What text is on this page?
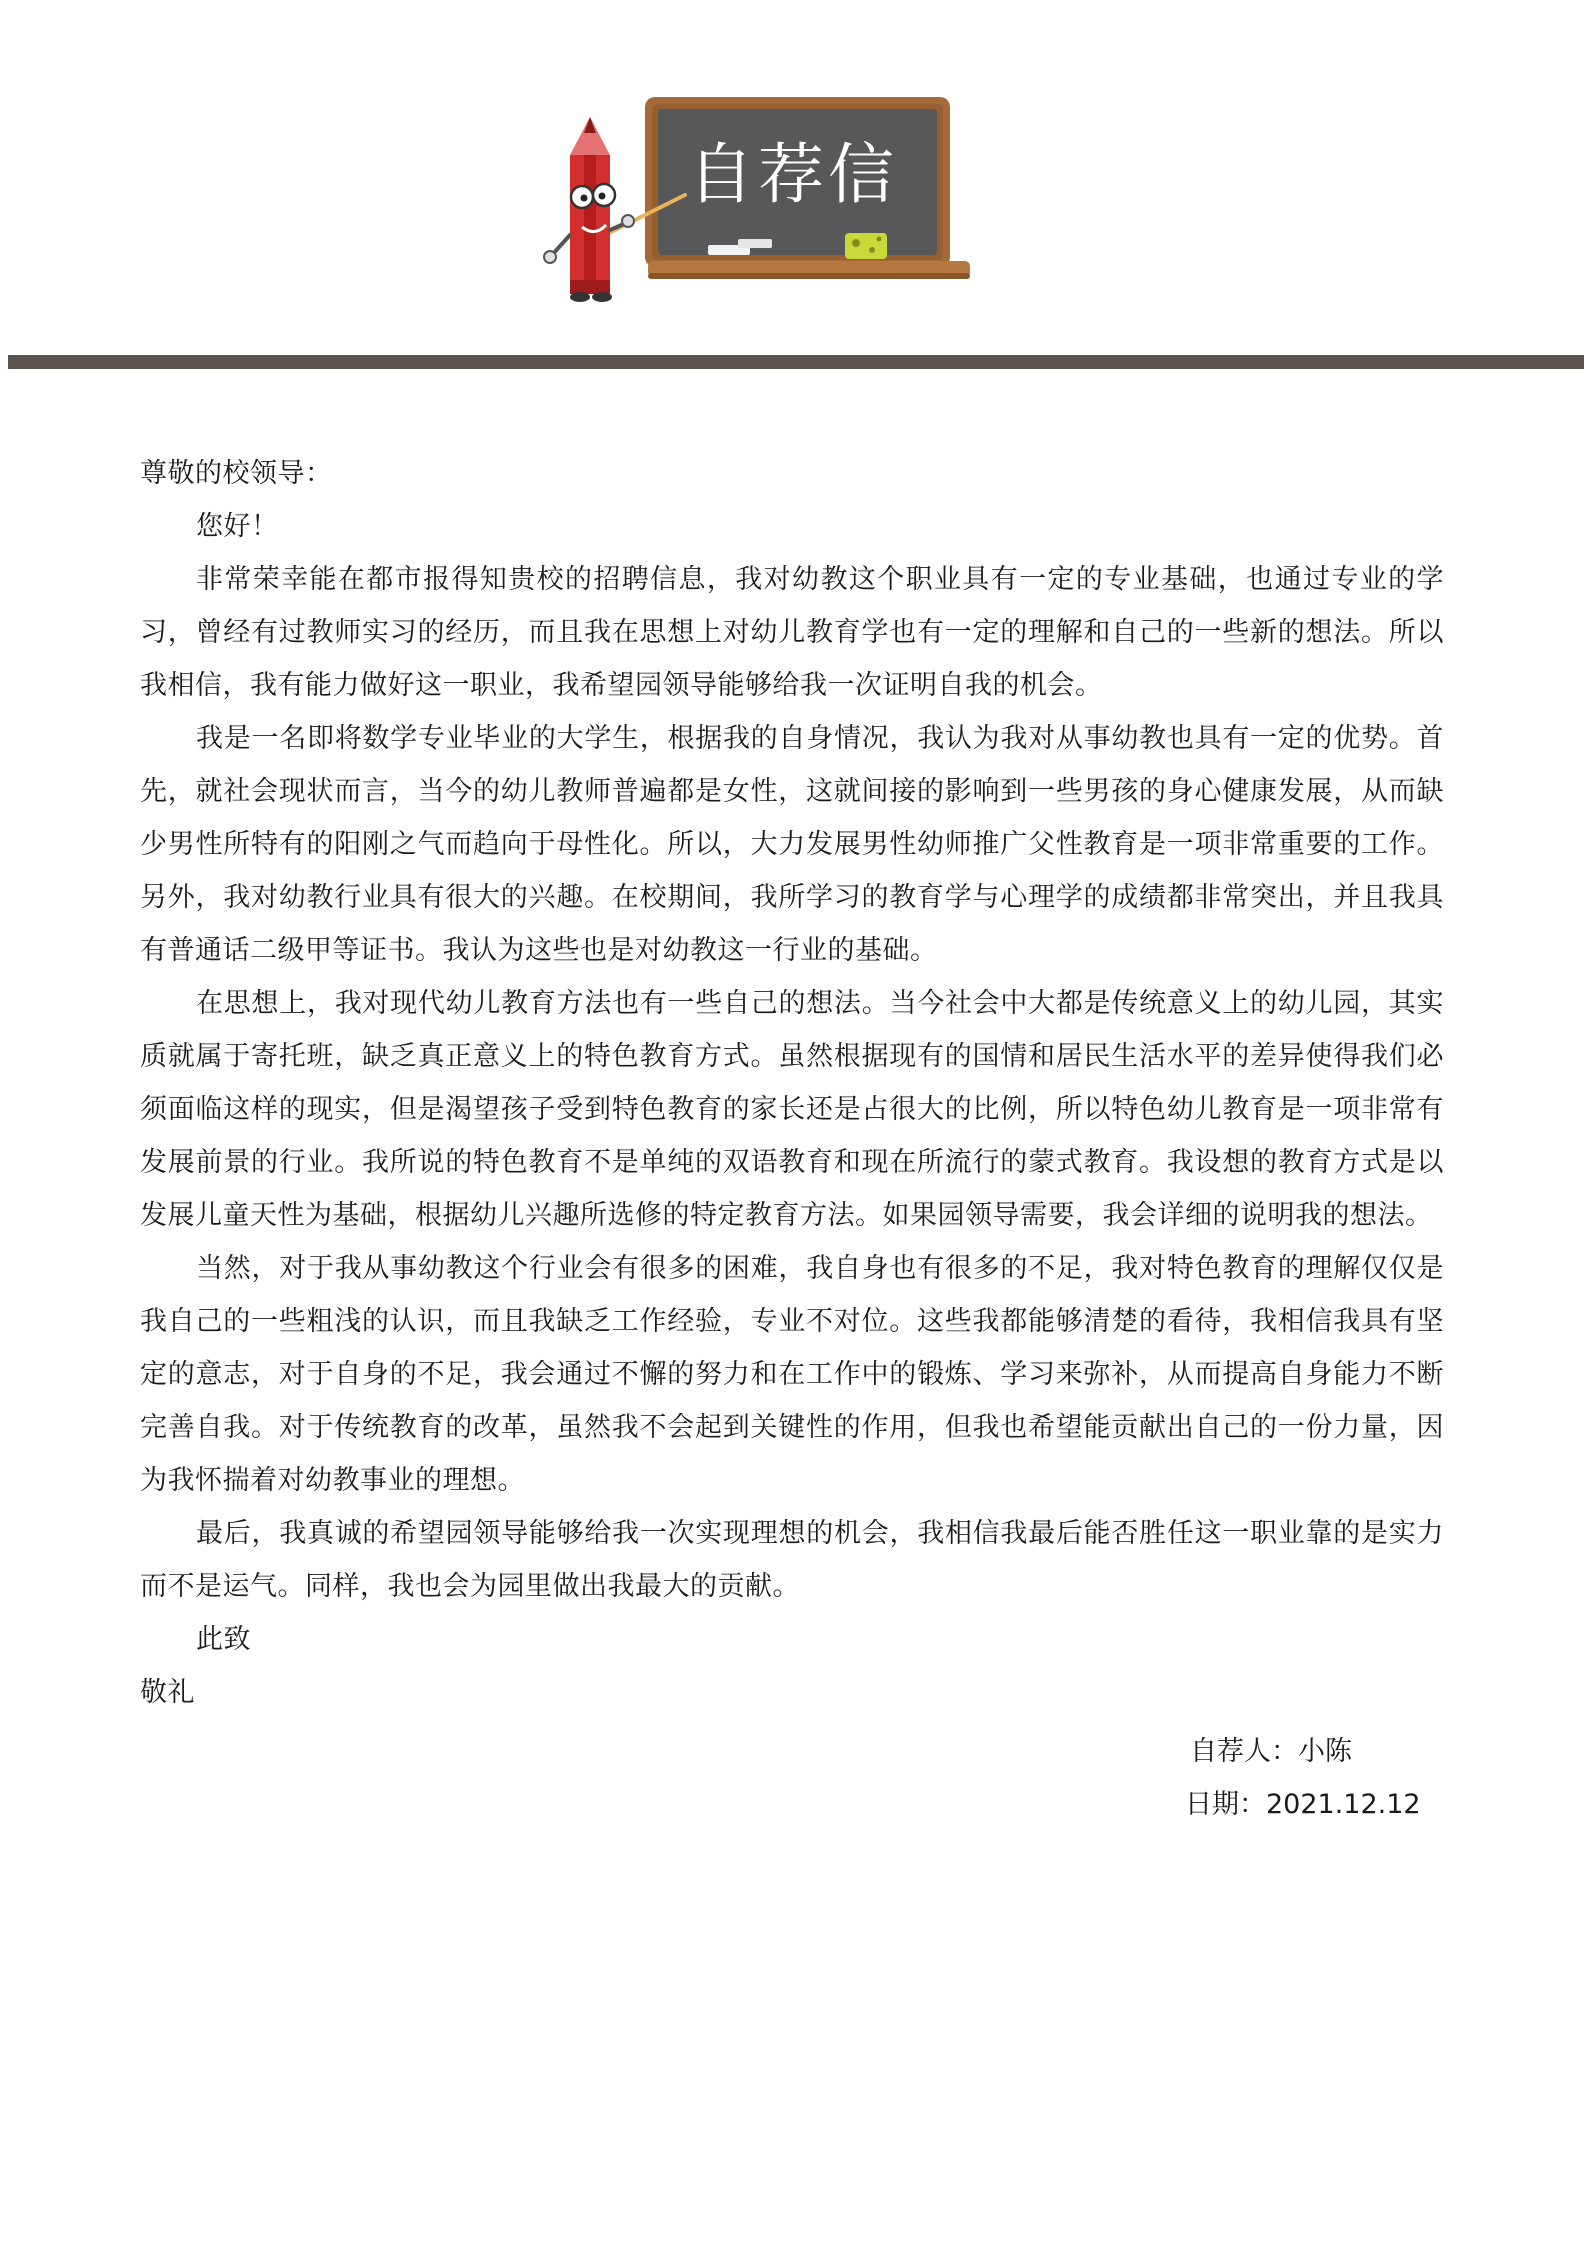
自荐信

尊敬的校领导：

您好！

非常荣幸能在都市报得知贵校的招聘信息，我对幼教这个职业具有一定的专业基础，也通过专业的学习，曾经有过教师实习的经历，而且我在思想上对幼儿教育学也有一定的理解和自己的一些新的想法。所以我相信，我有能力做好这一职业，我希望园领导能够给我一次证明自我的机会。

我是一名即将数学专业毕业的大学生，根据我的自身情况，我认为我对从事幼教也具有一定的优势。首先，就社会现状而言，当今的幼儿教师普遍都是女性，这就间接的影响到一些男孩的身心健康发展，从而缺少男性所特有的阳刚之气而趋向于母性化。所以，大力发展男性幼师推广父性教育是一项非常重要的工作。另外，我对幼教行业具有很大的兴趣。在校期间，我所学习的教育学与心理学的成绩都非常突出，并且我具有普通话二级甲等证书。我认为这些也是对幼教这一行业的基础。

在思想上，我对现代幼儿教育方法也有一些自己的想法。当今社会中大都是传统意义上的幼儿园，其实质就属于寄托班，缺乏真正意义上的特色教育方式。虽然根据现有的国情和居民生活水平的差异使得我们必须面临这样的现实，但是渴望孩子受到特色教育的家长还是占很大的比例，所以特色幼儿教育是一项非常有发展前景的行业。我所说的特色教育不是单纯的双语教育和现在所流行的蒙式教育。我设想的教育方式是以发展儿童天性为基础，根据幼儿兴趣所选修的特定教育方法。如果园领导需要，我会详细的说明我的想法。

当然，对于我从事幼教这个行业会有很多的困难，我自身也有很多的不足，我对特色教育的理解仅仅是我自己的一些粗浅的认识，而且我缺乏工作经验，专业不对位。这些我都能够清楚的看待，我相信我具有坚定的意志，对于自身的不足，我会通过不懈的努力和在工作中的锻炼、学习来弥补，从而提高自身能力不断完善自我。对于传统教育的改革，虽然我不会起到关键性的作用，但我也希望能贡献出自己的一份力量，因为我怀揣着对幼教事业的理想。

最后，我真诚的希望园领导能够给我一次实现理想的机会，我相信我最后能否胜任这一职业靠的是实力而不是运气。同样，我也会为园里做出我最大的贡献。

此致

敬礼

自荐人：小陈

日期：2021.12.12
